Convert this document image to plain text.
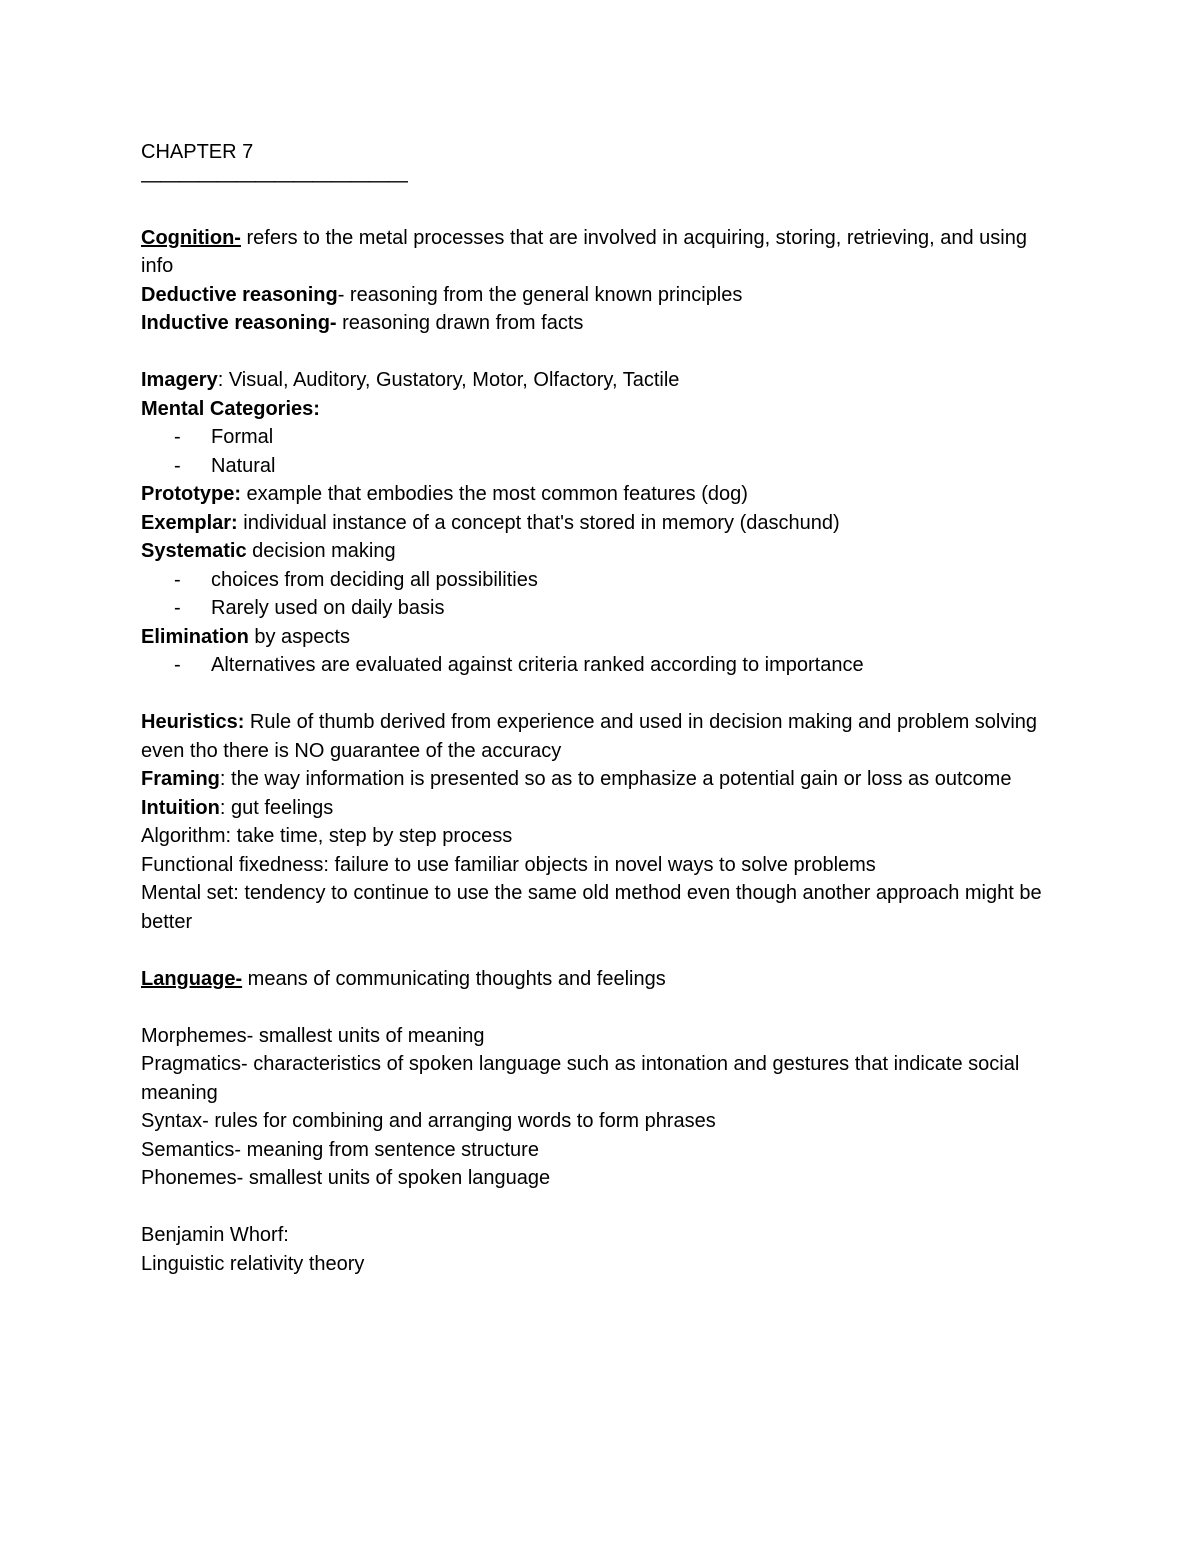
CHAPTER 7

——————————————

Cognition- refers to the metal processes that are involved in acquiring, storing, retrieving, and using info

Deductive reasoning- reasoning from the general known principles

Inductive reasoning- reasoning drawn from facts

Imagery: Visual, Auditory, Gustatory, Motor, Olfactory, Tactile

Mental Categories:

- Formal
- Natural

Prototype: example that embodies the most common features (dog)

Exemplar: individual instance of a concept that's stored in memory (daschund)

Systematic decision making

- choices from deciding all possibilities
- Rarely used on daily basis

Elimination by aspects

- Alternatives are evaluated against criteria ranked according to importance

Heuristics: Rule of thumb derived from experience and used in decision making and problem solving even tho there is NO guarantee of the accuracy

Framing: the way information is presented so as to emphasize a potential gain or loss as outcome

Intuition: gut feelings

Algorithm: take time, step by step process

Functional fixedness: failure to use familiar objects in novel ways to solve problems

Mental set: tendency to continue to use the same old method even though another approach might be better

Language- means of communicating thoughts and feelings

Morphemes- smallest units of meaning

Pragmatics- characteristics of spoken language such as intonation and gestures that indicate social meaning

Syntax- rules for combining and arranging words to form phrases

Semantics- meaning from sentence structure

Phonemes- smallest units of spoken language

Benjamin Whorf:

Linguistic relativity theory
